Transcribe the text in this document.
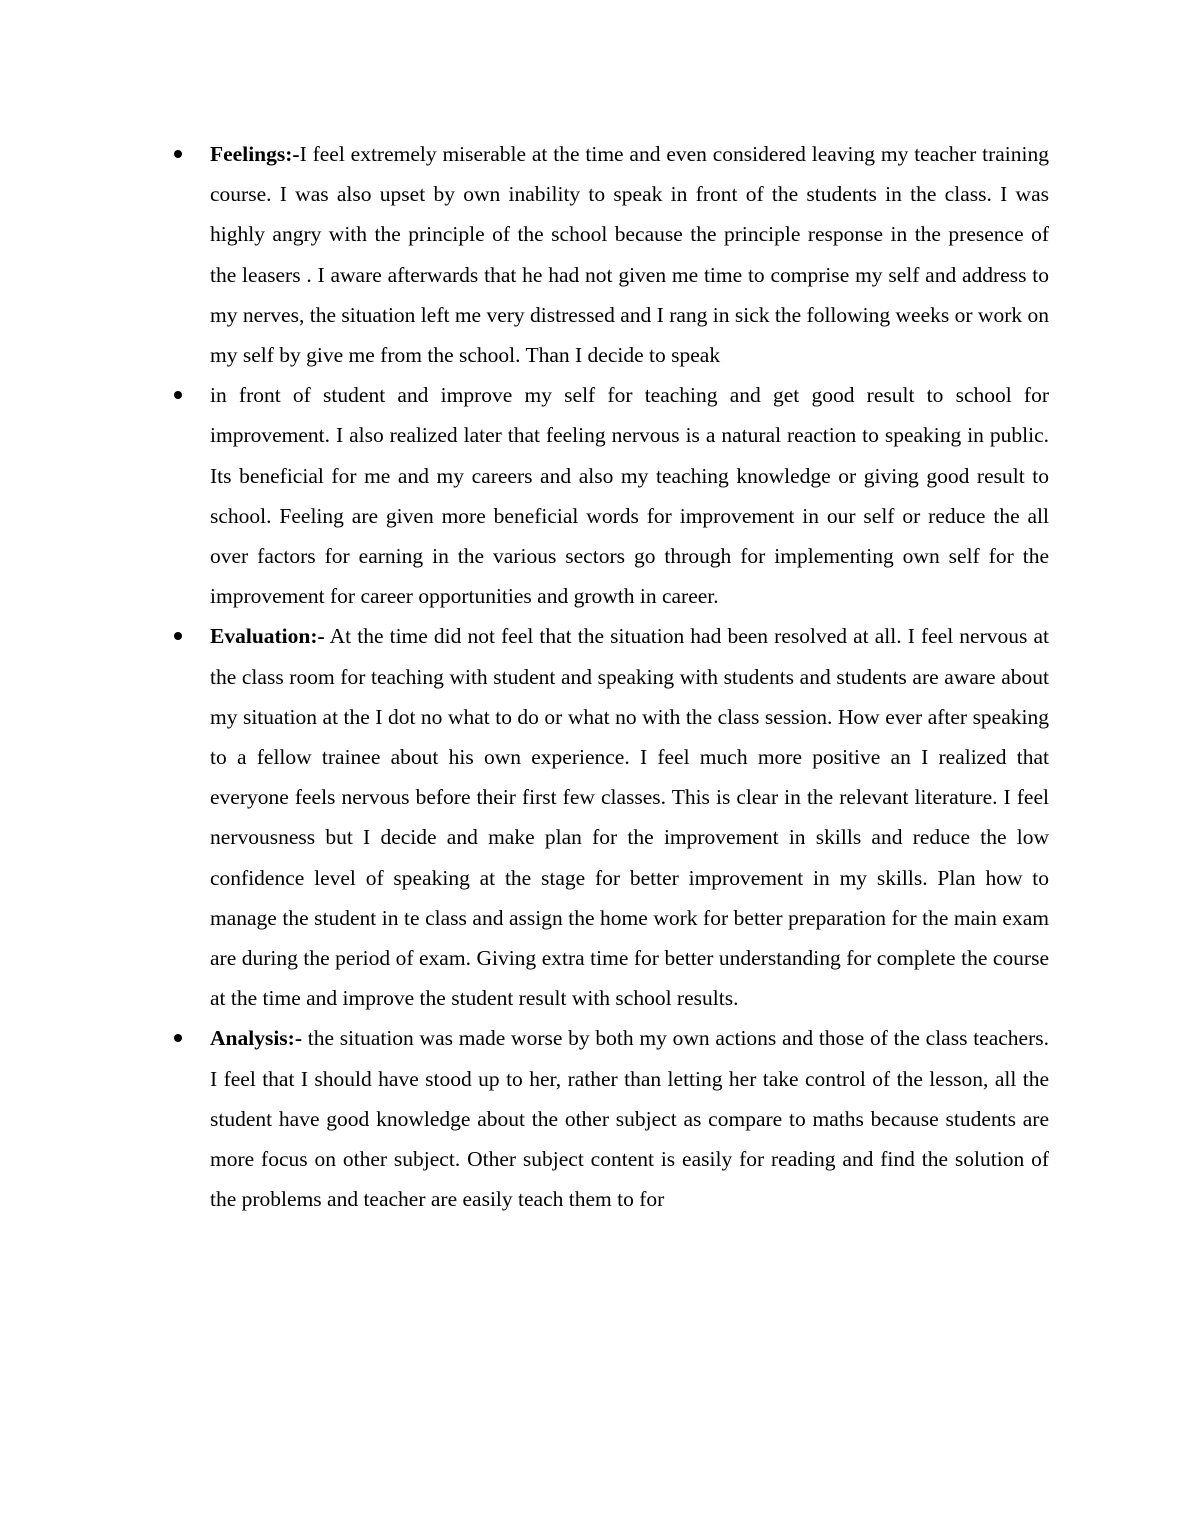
Feelings:-I feel extremely miserable at the time and even considered leaving my teacher training course. I was also upset by own inability to speak in front of the students in the class. I was highly angry with the principle of the school because the principle response in the presence of the leasers . I aware afterwards that he had not given me time to comprise my self and address to my nerves, the situation left me very distressed and I rang in sick the following weeks or work on my self by give me from the school. Than I decide to speak
in front of student and improve my self for teaching and get good result to school for improvement. I also realized later that feeling nervous is a natural reaction to speaking in public. Its beneficial for me and my careers and also my teaching knowledge or giving good result to school. Feeling are given more beneficial words for improvement in our self or reduce the all over factors for earning in the various sectors go through for implementing own self for the improvement for career opportunities and growth in career.
Evaluation:- At the time did not feel that the situation had been resolved at all. I feel nervous at the class room for teaching with student and speaking with students and students are aware about my situation at the I dot no what to do or what no with the class session. How ever after speaking to a fellow trainee about his own experience. I feel much more positive an I realized that everyone feels nervous before their first few classes. This is clear in the relevant literature. I feel nervousness but I decide and make plan for the improvement in skills and reduce the low confidence level of speaking at the stage for better improvement in my skills. Plan how to manage the student in te class and assign the home work for better preparation for the main exam are during the period of exam. Giving extra time for better understanding for complete the course at the time and improve the student result with school results.
Analysis:- the situation was made worse by both my own actions and those of the class teachers. I feel that I should have stood up to her, rather than letting her take control of the lesson, all the student have good knowledge about the other subject as compare to maths because students are more focus on other subject. Other subject content is easily for reading and find the solution of the problems and teacher are easily teach them to for
